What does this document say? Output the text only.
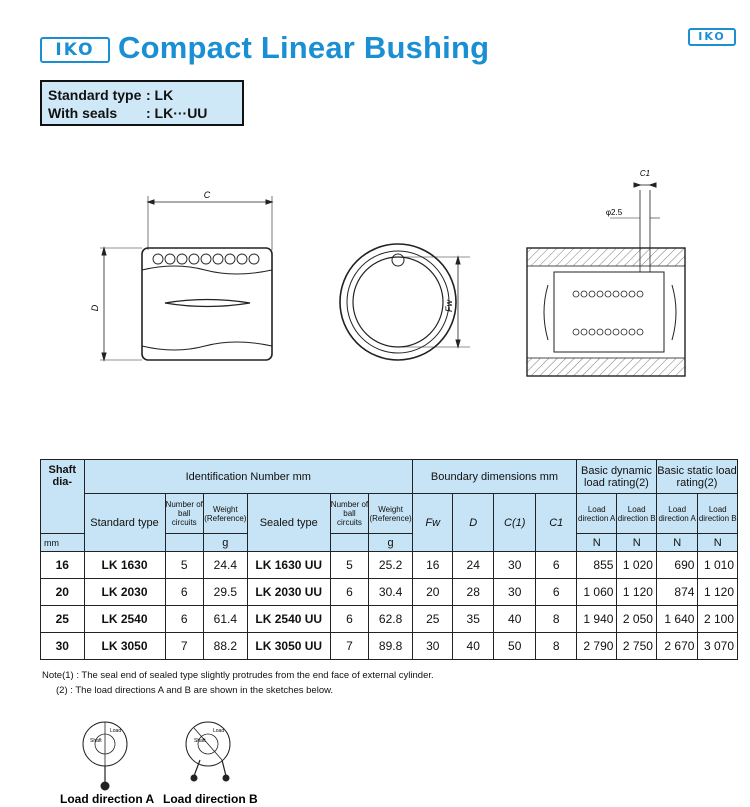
IKO Compact Linear Bushing	IKO
Standard type : LK
With seals	: LK···UU
C
D	Fw
C1
φ2.5
Shaft dia-	Identification Number mm						Boundary dimensions mm				Basic dynamic load rating(2)		Basic static load rating(2)	
	Standard type	Number of ball circuits	Weight
(Reference)	Sealed type	Number of ball circuits	Weight
(Reference)	Fw	D	C(1)	C1	Load direction A	Load direction B	Load direction A	Load direction B
mm			g			g					N	N	N	N
16	LK 1630	5	24.4	LK 1630 UU	5	25.2	16	24	30	6	855	1 020	690	1 010
20	LK 2030	6	29.5	LK 2030 UU	6	30.4	20	28	30	6	1 060	1 120	874	1 120
25	LK 2540	6	61.4	LK 2540 UU	6	62.8	25	35	40	8	1 940	2 050	1 640	2 100
30	LK 3050	7	88.2	LK 3050 UU	7	89.8	30	40	50	8	2 790	2 750	2 670	3 070
Note(1) : The seal end of sealed type slightly protrudes from the end face of external cylinder.
(2) : The load directions A and B are shown in the sketches below.
Shaft
Load
Shaft
Load
Load direction A Load direction B
